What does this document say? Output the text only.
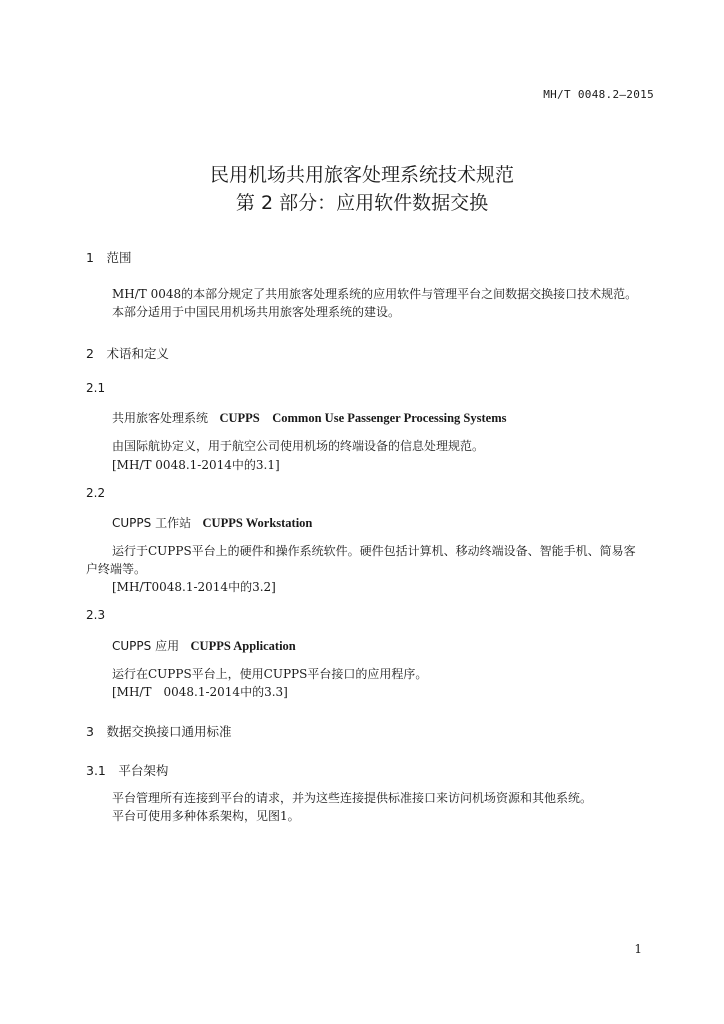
MH/T 0048.2—2015
民用机场共用旅客处理系统技术规范
第 2 部分：应用软件数据交换
1　范围
MH/T 0048的本部分规定了共用旅客处理系统的应用软件与管理平台之间数据交换接口技术规范。
本部分适用于中国民用机场共用旅客处理系统的建设。
2　术语和定义
2.1
共用旅客处理系统 CUPPS　Common Use Passenger Processing Systems
由国际航协定义，用于航空公司使用机场的终端设备的信息处理规范。
[MH/T 0048.1-2014中的3.1]
2.2
CUPPS 工作站 CUPPS Workstation
运行于CUPPS平台上的硬件和操作系统软件。硬件包括计算机、移动终端设备、智能手机、简易客
户终端等。
[MH/T0048.1-2014中的3.2]
2.3
CUPPS 应用 CUPPS Application
运行在CUPPS平台上，使用CUPPS平台接口的应用程序。
[MH/T　0048.1-2014中的3.3]
3　数据交换接口通用标准
3.1　平台架构
平台管理所有连接到平台的请求，并为这些连接提供标准接口来访问机场资源和其他系统。
平台可使用多种体系架构，见图1。
1
